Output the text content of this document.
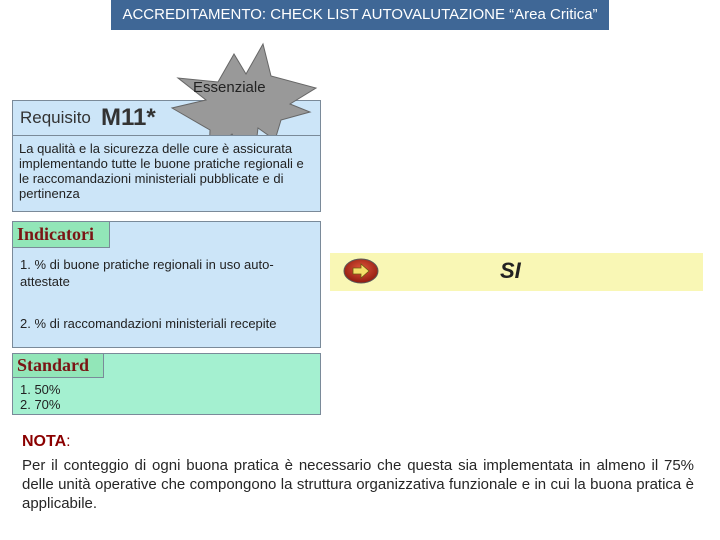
ACCREDITAMENTO: CHECK LIST AUTOVALUTAZIONE “Area Critica”
Requisito M11*
Essenziale
La qualità e la sicurezza delle cure è assicurata implementando tutte le buone pratiche regionali e le raccomandazioni ministeriali pubblicate e di pertinenza
Indicatori
1. % di buone pratiche regionali in uso auto-attestate
2. % di raccomandazioni ministeriali recepite
SI
Standard
1. 50%
2. 70%
NOTA:
Per il conteggio di ogni buona pratica è necessario che questa sia implementata in almeno il 75% delle unità operative che compongono la struttura organizzativa funzionale e in cui la buona pratica è applicabile.
